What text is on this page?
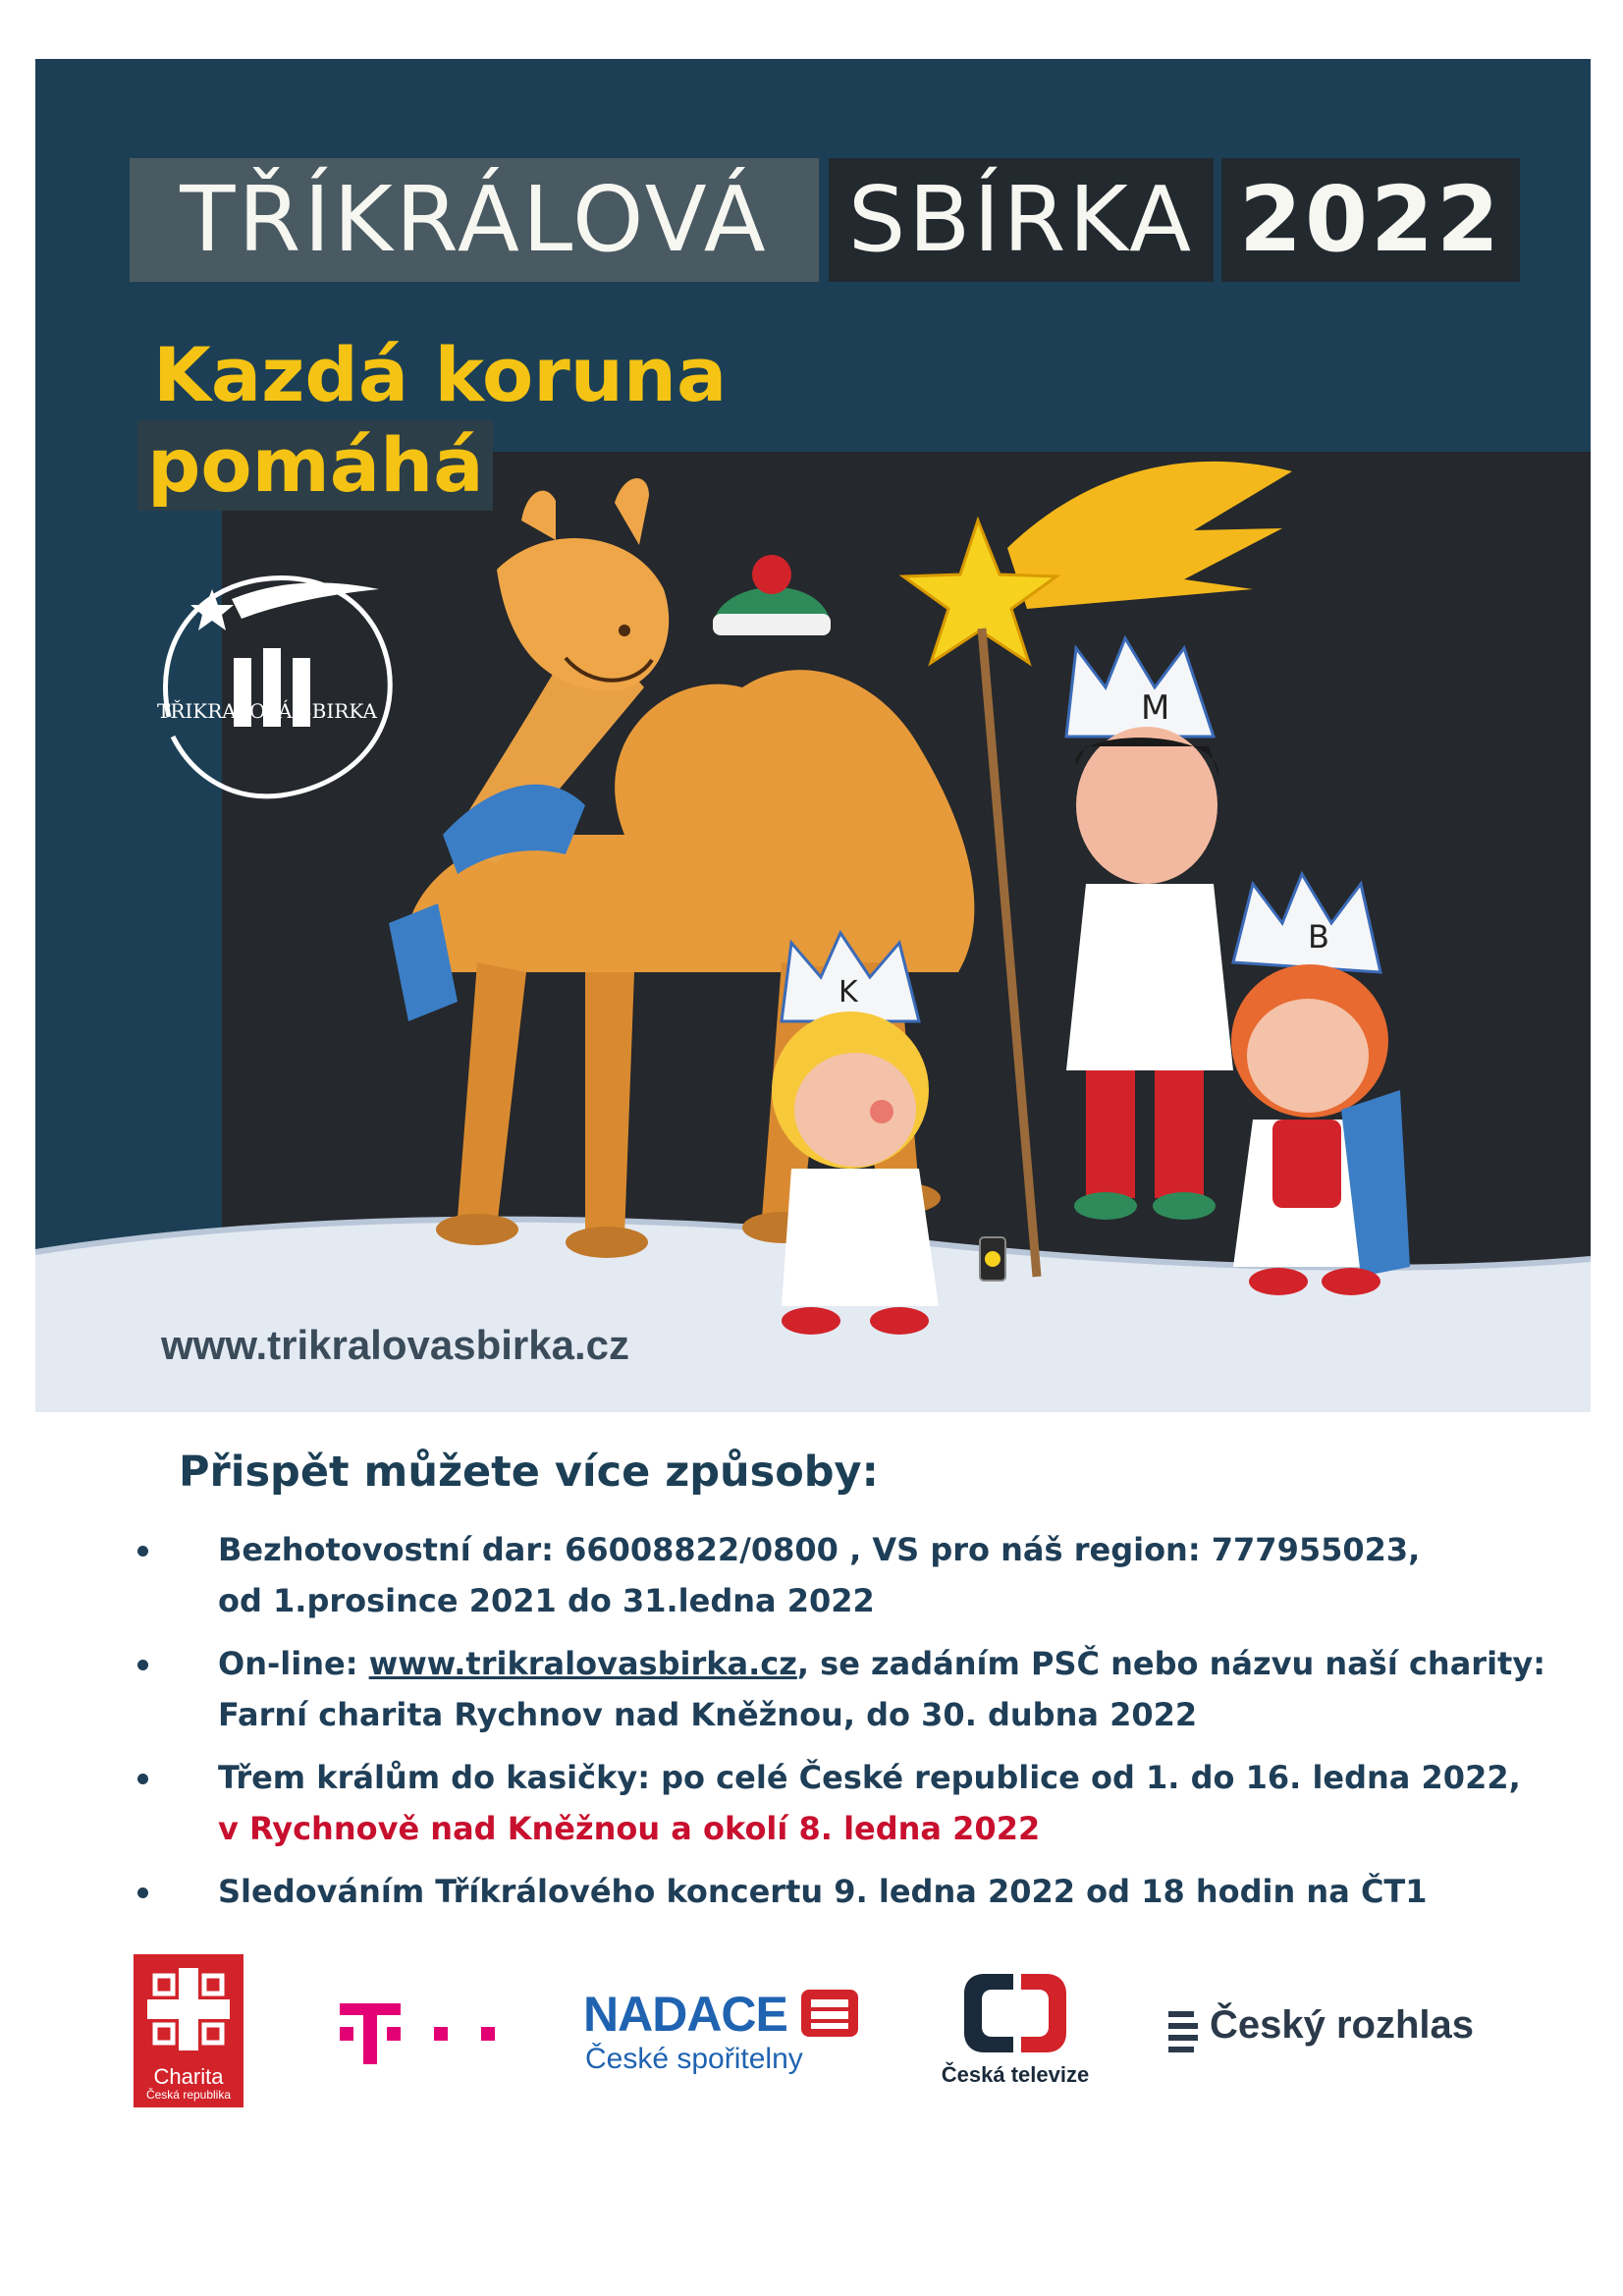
M
K
B
TŘÍKRÁLOVÁ SBÍRKA 2022
Kazdá koruna
pomáhá
TŘIKRALOVÁ SBIRKA
www.trikralovasbirka.cz
Přispět můžete více způsoby:
Bezhotovostní dar: 66008822/0800 , VS pro náš region: 777955023,
od 1.prosince 2021 do 31.ledna 2022
On-line: www.trikralovasbirka.cz, se zadáním PSČ nebo názvu naší charity:
Farní charita Rychnov nad Kněžnou, do 30. dubna 2022
Třem králům do kasičky: po celé České republice od 1. do 16. ledna 2022,
v Rychnově nad Kněžnou a okolí 8. ledna 2022
Sledováním Tříkrálového koncertu 9. ledna 2022 od 18 hodin na ČT1
Charita
Česká republika
NADACE
České spořitelny	Česká televize
Český rozhlas
